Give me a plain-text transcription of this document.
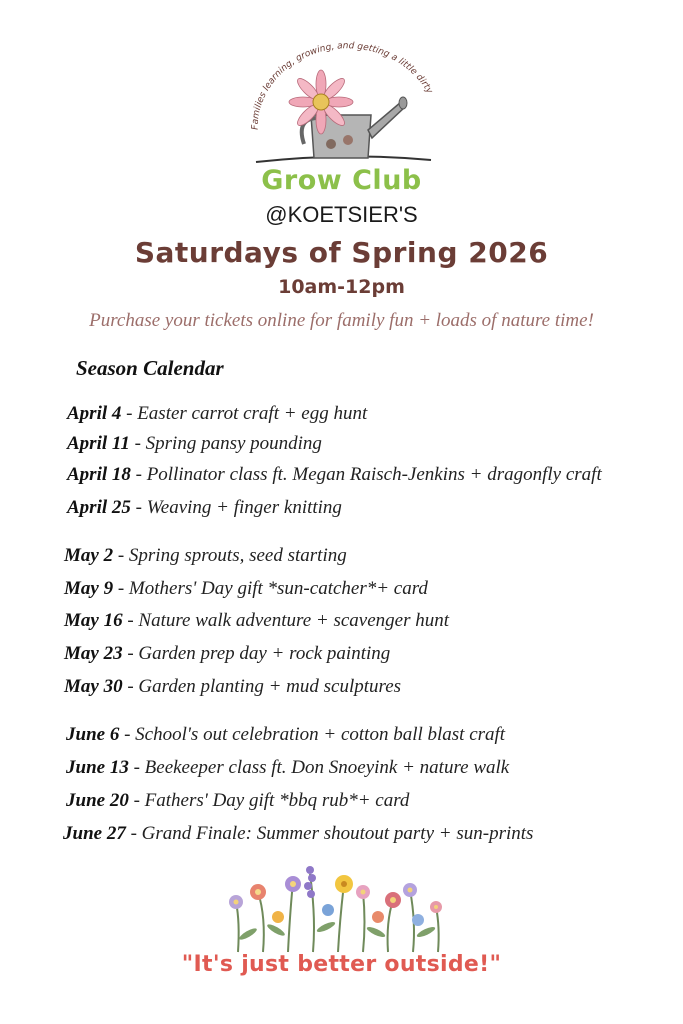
Families learning, growing, and getting a little dirty
Grow Club
@KOETSIER'S
Saturdays of Spring 2026
10am-12pm
Purchase your tickets online for family fun + loads of nature time!
Season Calendar
April 4 - Easter carrot craft + egg hunt
April 11 - Spring pansy pounding
April 18 - Pollinator class ft. Megan Raisch-Jenkins + dragonfly craft
April 25 - Weaving + finger knitting
May 2 - Spring sprouts, seed starting
May 9 - Mothers' Day gift *sun-catcher*+ card
May 16 - Nature walk adventure + scavenger hunt
May 23 - Garden prep day + rock painting
May 30 - Garden planting + mud sculptures
June 6 - School's out celebration + cotton ball blast craft
June 13 - Beekeeper class ft. Don Snoeyink + nature walk
June 20 - Fathers' Day gift *bbq rub*+ card
June 27 - Grand Finale: Summer shoutout party + sun-prints
"It's just better outside!"
